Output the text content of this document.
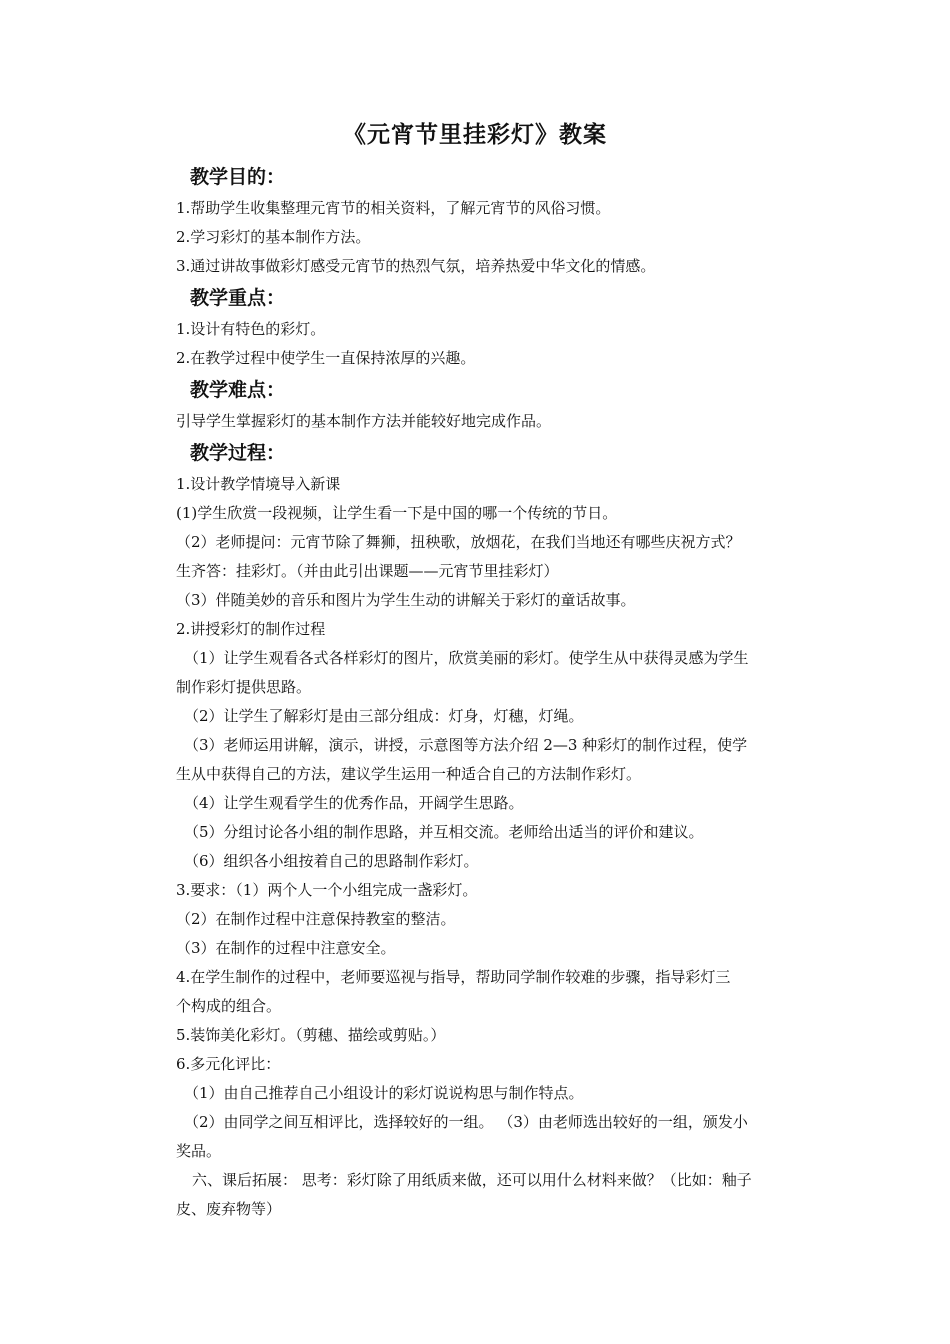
《元宵节里挂彩灯》教案
教学目的：
1.帮助学生收集整理元宵节的相关资料，了解元宵节的风俗习惯。
2.学习彩灯的基本制作方法。
3.通过讲故事做彩灯感受元宵节的热烈气氛，培养热爱中华文化的情感。
教学重点：
1.设计有特色的彩灯。
2.在教学过程中使学生一直保持浓厚的兴趣。
教学难点：
引导学生掌握彩灯的基本制作方法并能较好地完成作品。
教学过程：
1.设计教学情境导入新课
(1)学生欣赏一段视频，让学生看一下是中国的哪一个传统的节日。
（2）老师提问：元宵节除了舞狮，扭秧歌，放烟花，在我们当地还有哪些庆祝方式？
生齐答：挂彩灯。（并由此引出课题——元宵节里挂彩灯）
（3）伴随美妙的音乐和图片为学生生动的讲解关于彩灯的童话故事。
2.讲授彩灯的制作过程
（1）让学生观看各式各样彩灯的图片，欣赏美丽的彩灯。使学生从中获得灵感为学生
制作彩灯提供思路。
（2）让学生了解彩灯是由三部分组成：灯身，灯穗，灯绳。
（3）老师运用讲解，演示，讲授，示意图等方法介绍 2—3 种彩灯的制作过程，使学
生从中获得自己的方法，建议学生运用一种适合自己的方法制作彩灯。
（4）让学生观看学生的优秀作品，开阔学生思路。
（5）分组讨论各小组的制作思路，并互相交流。老师给出适当的评价和建议。
（6）组织各小组按着自己的思路制作彩灯。
3.要求：（1）两个人一个小组完成一盏彩灯。
（2）在制作过程中注意保持教室的整洁。
（3）在制作的过程中注意安全。
4.在学生制作的过程中，老师要巡视与指导，帮助同学制作较难的步骤，指导彩灯三
个构成的组合。
5.装饰美化彩灯。（剪穗、描绘或剪贴。）
6.多元化评比：
（1）由自己推荐自己小组设计的彩灯说说构思与制作特点。
（2）由同学之间互相评比，选择较好的一组。 （3）由老师选出较好的一组，颁发小
奖品。
六、课后拓展： 思考：彩灯除了用纸质来做，还可以用什么材料来做？（比如：釉子
皮、废弃物等）
